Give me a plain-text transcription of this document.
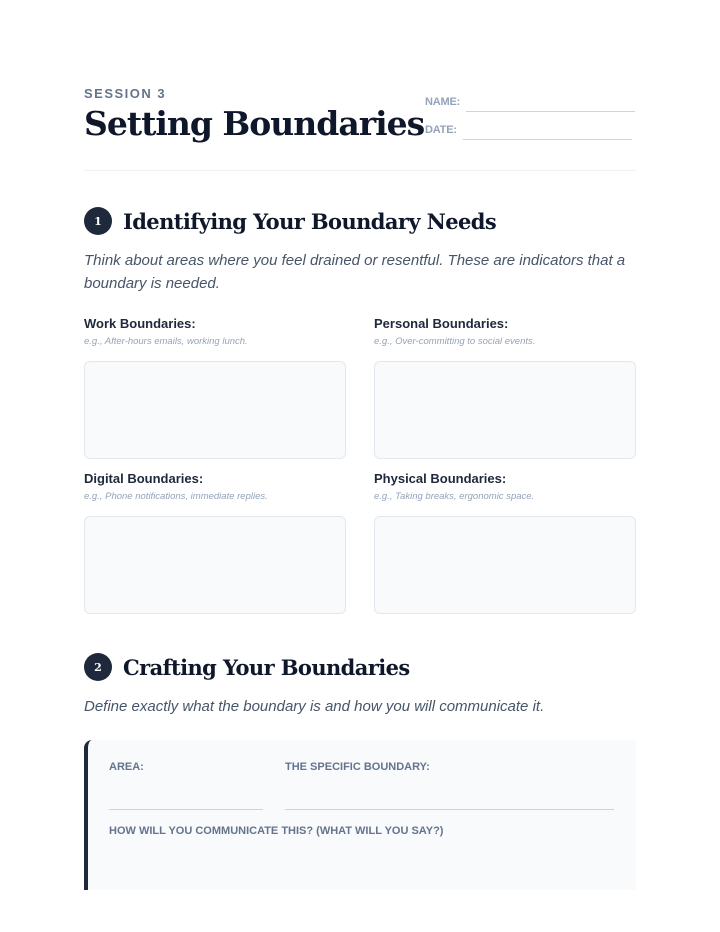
SESSION 3
Setting Boundaries
NAME:
DATE:
1	Identifying Your Boundary Needs
Think about areas where you feel drained or resentful. These are indicators that a boundary is needed.
Work Boundaries:
e.g., After-hours emails, working lunch.
Personal Boundaries:
e.g., Over-committing to social events.
Digital Boundaries:
e.g., Phone notifications, immediate replies.
Physical Boundaries:
e.g., Taking breaks, ergonomic space.
2	Crafting Your Boundaries
Define exactly what the boundary is and how you will communicate it.
AREA:	THE SPECIFIC BOUNDARY:
HOW WILL YOU COMMUNICATE THIS? (WHAT WILL YOU SAY?)
